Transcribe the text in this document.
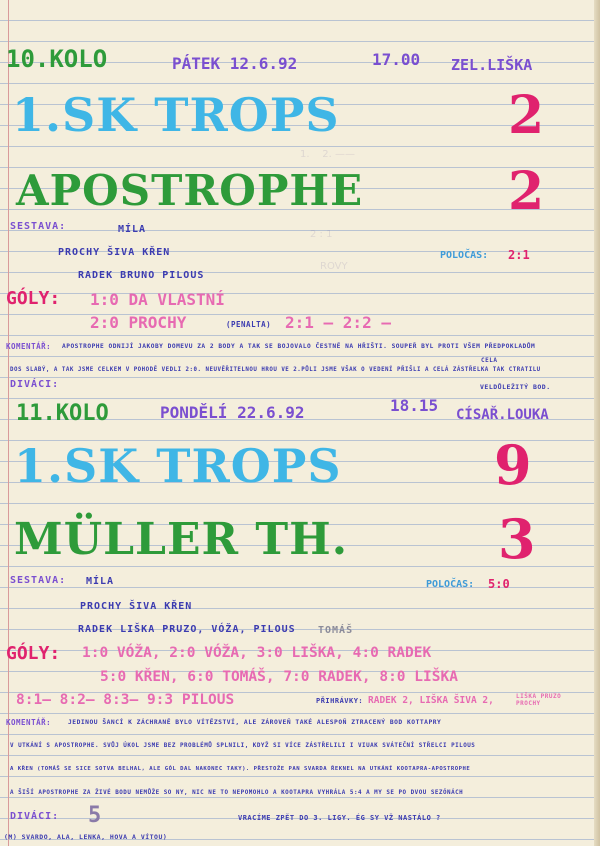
1.    2. ——
2 : 1
ROVY
10.KOLO	PÁTEK 12.6.92	17.00 ZEL.LIŠKA
1.SK TROPS	2
APOSTROPHE	2
SESTAVA:	MÍLA
PROCHY ŠIVA KŘEN
RADEK BRUNO PILOUS
POLOČAS: 2:1
GÓLY: 1:0 DA VLASTNÍ
2:0 PROCHY	(PENALTA) 2:1 — 2:2 —
KOMENTÁŘ: APOSTROPHE ODNIJÍ JAKOBY DOMEVU ZA 2 BODY A TAK SE BOJOVALO ČESTNĚ NA HŘIŠTI. SOUPEŘ BYL PROTI VŠEM PŘEDPOKLADŮM
CELA
DOS SLABÝ, A TAK JSME CELKEM V POHODĚ VEDLI 2:0. NEUVĚŘITELNOU HROU VE 2.PŮLI JSME VŠAK O VEDENÍ PŘIŠLI A CELÁ ZÁSTŘELKA TAK CTRATILU
VELDŮLEŽITÝ BOD.
DIVÁCI:
11.KOLO	PONDĚLÍ 22.6.92	18.15 CÍSAŘ.LOUKA
1.SK TROPS	9
MÜLLER TH.	3
SESTAVA: MÍLA	POLOČAS: 5:0
PROCHY ŠIVA KŘEN
RADEK LIŠKA PRUZO, VÓŽA, PILOUS TOMÁŠ
GÓLY: 1:0 VÓŽA, 2:0 VÓŽA, 3:0 LIŠKA, 4:0 RADEK
5:0 KŘEN, 6:0 TOMÁŠ, 7:0 RADEK, 8:0 LIŠKA
8:1— 8:2— 8:3— 9:3 PILOUS	PŘIHRÁVKY: RADEK 2, LIŠKA ŠIVA 2,	LIŠKA PRUZO PROCHY
KOMENTÁŘ:	JEDINOU ŠANCÍ K ZÁCHRANĚ BYLO VÍTĚZSTVÍ, ALE ZÁROVEŇ TAKÉ ALESPOŇ ZTRACENÝ BOD KOTTAPRY
V UTKÁNÍ S APOSTROPHE. SVŮJ ÚKOL JSME BEZ PROBLÉMŮ SPLNILI, KDYŽ SI VÍCE ZÁSTŘELILI I VIUAK SVÁTEČNÍ STŘELCI PILOUS
A KŘEN (TOMÁŠ SE SICE SOTVA BELHAL, ALE GÓL DAL NAKONEC TAKY). PŘESTOŽE PAN SVARDA ŘEKNEL NA UTKÁNÍ KOOTAPRA-APOSTROPHE
A ŠIŠÍ APOSTROPHE ZA ŽIVÉ BODU NEMŮŽE SO NY, NIC NE TO NEPOMOHLO A KOOTAPRA VYHRÁLA 5:4 A MY SE PO DVOU SEZÓNÁCH
DIVÁCI: 5	VRACÍME ZPĚT DO 3. LIGY. ÉG SY VŽ NASTÁLO ?
(M) SVARDO, ALA, LENKA, HOVA A VÍTOU)
